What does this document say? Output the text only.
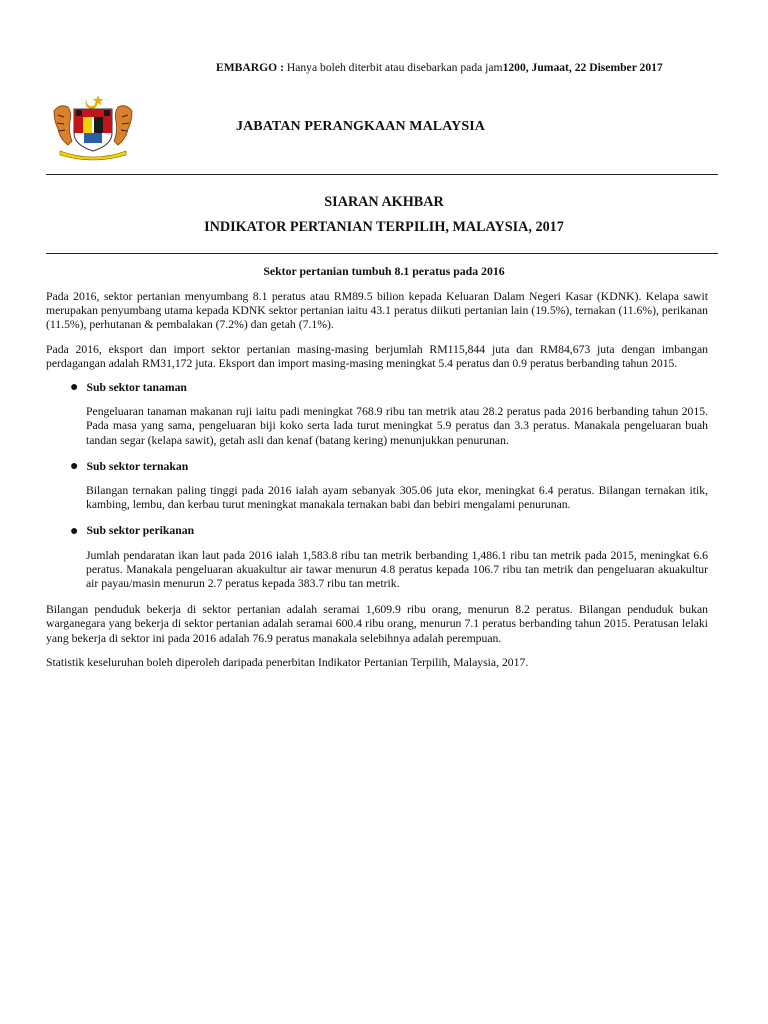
EMBARGO : Hanya boleh diterbit atau disebarkan pada jam1200, Jumaat, 22 Disember 2017
JABATAN PERANGKAAN MALAYSIA
SIARAN AKHBAR
INDIKATOR PERTANIAN TERPILIH, MALAYSIA, 2017
Sektor pertanian tumbuh 8.1 peratus pada 2016

Pada 2016, sektor pertanian menyumbang 8.1 peratus atau RM89.5 bilion kepada Keluaran Dalam Negeri Kasar (KDNK). Kelapa sawit merupakan penyumbang utama kepada KDNK sektor pertanian iaitu 43.1 peratus diikuti pertanian lain (19.5%), ternakan (11.6%), perikanan (11.5%), perhutanan & pembalakan (7.2%) dan getah (7.1%).

Pada 2016, eksport dan import sektor pertanian masing-masing berjumlah RM115,844 juta dan RM84,673 juta dengan imbangan perdagangan adalah RM31,172 juta. Eksport dan import masing-masing meningkat 5.4 peratus dan 0.9 peratus berbanding tahun 2015.

● Sub sektor tanaman

Pengeluaran tanaman makanan ruji iaitu padi meningkat 768.9 ribu tan metrik atau 28.2 peratus pada 2016 berbanding tahun 2015. Pada masa yang sama, pengeluaran biji koko serta lada turut meningkat 5.9 peratus dan 3.3 peratus. Manakala pengeluaran buah tandan segar (kelapa sawit), getah asli dan kenaf (batang kering) menunjukkan penurunan.

● Sub sektor ternakan

Bilangan ternakan paling tinggi pada 2016 ialah ayam sebanyak 305.06 juta ekor, meningkat 6.4 peratus. Bilangan ternakan itik, kambing, lembu, dan kerbau turut meningkat manakala ternakan babi dan bebiri mengalami penurunan.

● Sub sektor perikanan

Jumlah pendaratan ikan laut pada 2016 ialah 1,583.8 ribu tan metrik berbanding 1,486.1 ribu tan metrik pada 2015, meningkat 6.6 peratus. Manakala pengeluaran akuakultur air tawar menurun 4.8 peratus kepada 106.7 ribu tan metrik dan pengeluaran akuakultur air payau/masin menurun 2.7 peratus kepada 383.7 ribu tan metrik.

Bilangan penduduk bekerja di sektor pertanian adalah seramai 1,609.9 ribu orang, menurun 8.2 peratus. Bilangan penduduk bukan warganegara yang bekerja di sektor pertanian adalah seramai 600.4 ribu orang, menurun 7.1 peratus berbanding tahun 2015. Peratusan lelaki yang bekerja di sektor ini pada 2016 adalah 76.9 peratus manakala selebihnya adalah perempuan.

Statistik keseluruhan boleh diperoleh daripada penerbitan Indikator Pertanian Terpilih, Malaysia, 2017.
